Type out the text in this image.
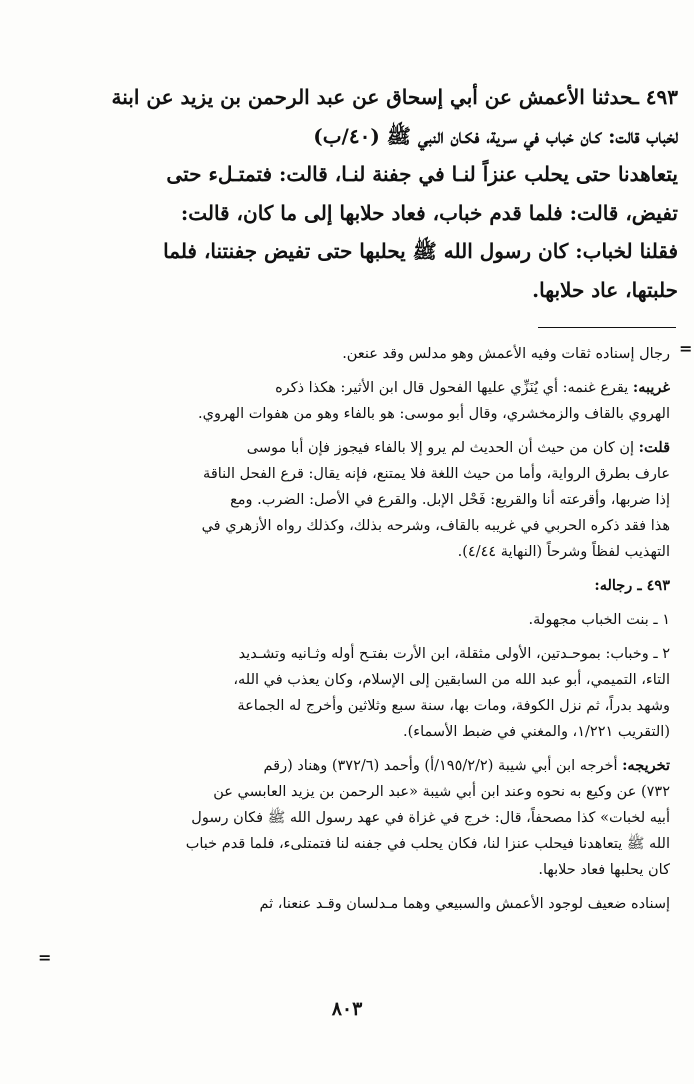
٤٩٣ ـحدثنا الأعمش عن أبي إسحاق عن عبد الرحمن بن يزيد عن ابنة
لخباب قالت: كـان خباب في سـرية، فكـان النبي ﷺ (٤٠/ب)
يتعاهدنا حتى يحلب عنزاً لنـا في جفنة لنـا، قالت: فتمتـلء حتى
تفيض، قالت: فلما قدم خباب، فعاد حلابها إلى ما كان، قالت:
فقلنا لخباب: كان رسول الله ﷺ يحلبها حتى تفيض جفنتنا، فلما
حلبتها، عاد حلابها.
=
رجال إسناده ثقات وفيه الأعمش وهو مدلس وقد عنعن.
غريبه: يقرع غنمه: أي يُنَزِّي عليها الفحول قال ابن الأثير: هكذا ذكره
الهروي بالقاف والزمخشري، وقال أبو موسى: هو بالفاء وهو من هفوات الهروي.
قلت: إن كان من حيث أن الحديث لم يرو إلا بالفاء فيجوز فإن أبا موسى
عارف بطرق الرواية، وأما من حيث اللغة فلا يمتنع، فإنه يقال: قرع الفحل الناقة
إذا ضربها، وأقرعته أنا والقريع: فَحْل الإبل. والقرع في الأصل: الضرب. ومع
هذا فقد ذكره الحربي في غريبه بالقاف، وشرحه بذلك، وكذلك رواه الأزهري في
التهذيب لفظاً وشرحاً (النهاية ٤/٤٤).
٤٩٣ ـ رجاله:
١ ـ بنت الخباب مجهولة.
٢ ـ وخباب: بموحـدتين، الأولى مثقلة، ابن الأرت بفتـح أوله وثـانيه وتشـديد
التاء، التميمي، أبو عبد الله من السابقين إلى الإسلام، وكان يعذب في الله،
وشهد بدراً، ثم نزل الكوفة، ومات بها، سنة سبع وثلاثين وأخرج له الجماعة
(التقريب ١/٢٢١، والمغني في ضبط الأسماء).
تخريجه: أخرجه ابن أبي شيبة (١٩٥/٢/٢/أ) وأحمد (٣٧٢/٦) وهناد (رقم
٧٣٢) عن وكيع به نحوه وعند ابن أبي شيبة «عبد الرحمن بن يزيد العابسي عن
أبيه لخبات» كذا مصحفاً، قال: خرج في غزاة في عهد رسول الله ﷺ فكان رسول
الله ﷺ يتعاهدنا فيحلب عنزا لنا، فكان يحلب في جفنه لنا فتمتلىء، فلما قدم خباب
كان يحلبها فعاد حلابها.
إسناده ضعيف لوجود الأعمش والسبيعي وهما مـدلسان وقـد عنعنا، ثم
=
٨٠٣
